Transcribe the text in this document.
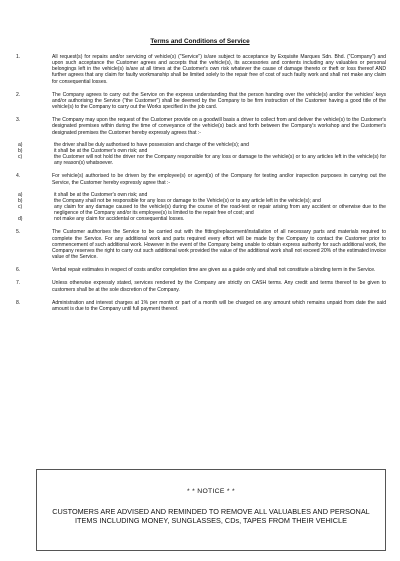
Terms and Conditions of Service
1.	All request(s) for repairs and/or servicing of vehicle(s) ("Service") is/are subject to acceptance by Exquisite Marques Sdn. Bhd. ("Company") and upon such acceptance the Customer agrees and accepts that the vehicle(s), its accessories and contents including any valuables or personal belongings left in the vehicle(s) is/are at all times at the Customer's own risk whatever the cause of damage thereto or theft or loss thereof AND further agrees that any claim for faulty workmanship shall be limited solely to the repair free of cost of such faulty work and shall not make any claim for consequential losses.
2.	The Company agrees to carry out the Service on the express understanding that the person handing over the vehicle(s) and/or the vehicles' keys and/or authorising the Service ("the Customer") shall be deemed by the Company to be firm instruction of the Customer having a good title of the vehicle(s) to the Company to carry out the Works specified in the job card.
3.	The Company may upon the request of the Customer provide on a goodwill basis a driver to collect from and deliver the vehicle(s) to the Customer's designated premises within during the time of conveyance of the vehicle(s) back and forth between the Company's workshop and the Customer's designated premises the Customer hereby expressly agrees that :-
a)	the driver shall be duly authorised to have possession and charge of the vehicle(s); and
b)	it shall be at the Customer's own risk; and
c)	the Customer will not hold the driver nor the Company responsible for any loss or damage to the vehicle(s) or to any articles left in the vehicle(s) for any reason(s) whatsoever.
4.	For vehicle(s) authorised to be driven by the employee(s) or agent(s) of the Company for testing and/or inspection purposes in carrying out the Service, the Customer hereby expressly agree that :-
a)	it shall be at the Customer's own risk; and
b)	the Company shall not be responsible for any loss or damage to the Vehicle(s) or to any article left in the vehicle(s); and
c)	any claim for any damage caused to the vehicle(s) during the course of the road-test or repair arising from any accident or otherwise due to the negligence of the Company and/or its employee(s) is limited to the repair free of cost; and
d)	not make any claim for accidental or consequential losses.
5.	The Customer authorises the Service to be carried out with the fitting/replacement/installation of all necessary parts and materials required to complete the Service. For any additional work and parts required every effort will be made by the Company to contact the Customer prior to commencement of such additional work. However in the event of the Company being unable to obtain express authority for such additional work, the Company reserves the right to carry out such additional work provided the value of the additional work shall not exceed 20% of the estimated invoice value of the Service.
6.	Verbal repair estimates in respect of costs and/or completion time are given as a guide only and shall not constitute a binding term in the Service.
7.	Unless otherwise expressly stated, services rendered by the Company are strictly on CASH terms. Any credit and terms thereof to be given to customers shall be at the sole discretion of the Company.
8.	Administration and interest charges at 1% per month or part of a month will be charged on any amount which remains unpaid from date the said amount is due to the Company until full payment thereof.
* * NOTICE * *
CUSTOMERS ARE ADVISED AND REMINDED TO REMOVE ALL VALUABLES AND PERSONAL ITEMS INCLUDING MONEY, SUNGLASSES, CDs, TAPES FROM THEIR VEHICLE
